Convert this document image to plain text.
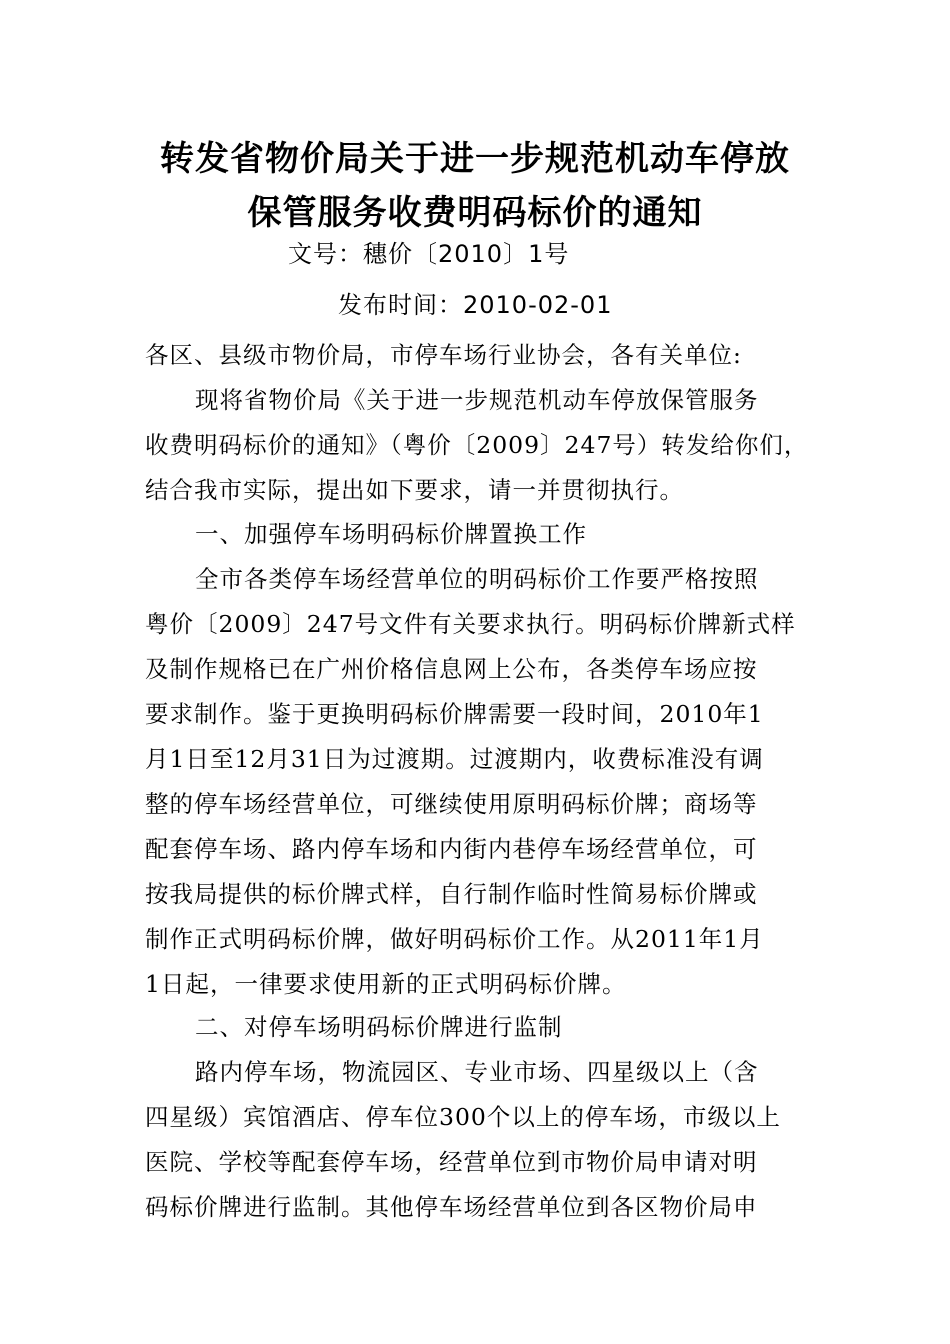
转发省物价局关于进一步规范机动车停放
保管服务收费明码标价的通知
文号：穗价〔2010〕1号
发布时间：2010-02-01
各区、县级市物价局，市停车场行业协会，各有关单位:
现将省物价局《关于进一步规范机动车停放保管服务
收费明码标价的通知》（粤价〔2009〕247号）转发给你们，
结合我市实际，提出如下要求，请一并贯彻执行。
一、加强停车场明码标价牌置换工作
全市各类停车场经营单位的明码标价工作要严格按照
粤价〔2009〕247号文件有关要求执行。明码标价牌新式样
及制作规格已在广州价格信息网上公布，各类停车场应按
要求制作。鉴于更换明码标价牌需要一段时间，2010年1
月1日至12月31日为过渡期。过渡期内，收费标准没有调
整的停车场经营单位，可继续使用原明码标价牌；商场等
配套停车场、路内停车场和内街内巷停车场经营单位，可
按我局提供的标价牌式样，自行制作临时性简易标价牌或
制作正式明码标价牌，做好明码标价工作。从2011年1月
1日起，一律要求使用新的正式明码标价牌。
二、对停车场明码标价牌进行监制
路内停车场，物流园区、专业市场、四星级以上（含
四星级）宾馆酒店、停车位300个以上的停车场，市级以上
医院、学校等配套停车场，经营单位到市物价局申请对明
码标价牌进行监制。其他停车场经营单位到各区物价局申
